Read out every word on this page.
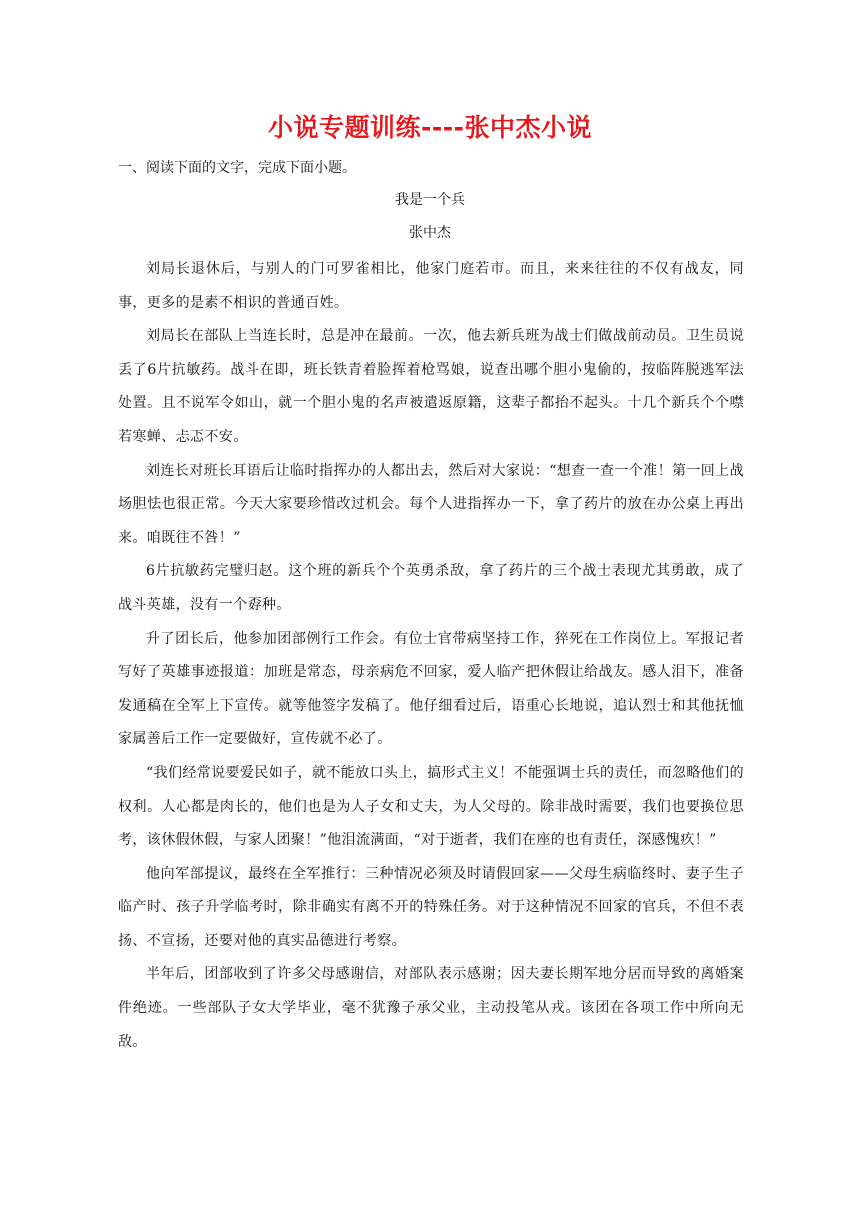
小说专题训练----张中杰小说
一、阅读下面的文字，完成下面小题。
我是一个兵
张中杰

刘局长退休后，与别人的门可罗雀相比，他家门庭若市。而且，来来往往的不仅有战友，同事，更多的是素不相识的普通百姓。

刘局长在部队上当连长时，总是冲在最前。一次，他去新兵班为战士们做战前动员。卫生员说丢了6片抗敏药。战斗在即，班长铁青着脸挥着枪骂娘，说查出哪个胆小鬼偷的，按临阵脱逃军法处置。且不说军令如山，就一个胆小鬼的名声被遣返原籍，这辈子都抬不起头。十几个新兵个个噤若寒蝉、忐忑不安。

刘连长对班长耳语后让临时指挥办的人都出去，然后对大家说：“想查一查一个准！第一回上战场胆怯也很正常。今天大家要珍惜改过机会。每个人进指挥办一下，拿了药片的放在办公桌上再出来。咱既往不咎！”

6片抗敏药完璧归赵。这个班的新兵个个英勇杀敌，拿了药片的三个战士表现尤其勇敢，成了战斗英雄，没有一个孬种。

升了团长后，他参加团部例行工作会。有位士官带病坚持工作，猝死在工作岗位上。军报记者写好了英雄事迹报道：加班是常态，母亲病危不回家，爱人临产把休假让给战友。感人泪下，准备发通稿在全军上下宣传。就等他签字发稿了。他仔细看过后，语重心长地说，追认烈士和其他抚恤家属善后工作一定要做好，宣传就不必了。

“我们经常说要爱民如子，就不能放口头上，搞形式主义！不能强调士兵的责任，而忽略他们的权利。人心都是肉长的，他们也是为人子女和丈夫，为人父母的。除非战时需要，我们也要换位思考，该休假休假，与家人团聚！”他泪流满面，“对于逝者，我们在座的也有责任，深感愧疚！”

他向军部提议，最终在全军推行：三种情况必须及时请假回家——父母生病临终时、妻子生子临产时、孩子升学临考时，除非确实有离不开的特殊任务。对于这种情况不回家的官兵，不但不表扬、不宣扬，还要对他的真实品德进行考察。

半年后，团部收到了许多父母感谢信，对部队表示感谢；因夫妻长期军地分居而导致的离婚案件绝迹。一些部队子女大学毕业，毫不犹豫子承父业，主动投笔从戎。该团在各项工作中所向无敌。
